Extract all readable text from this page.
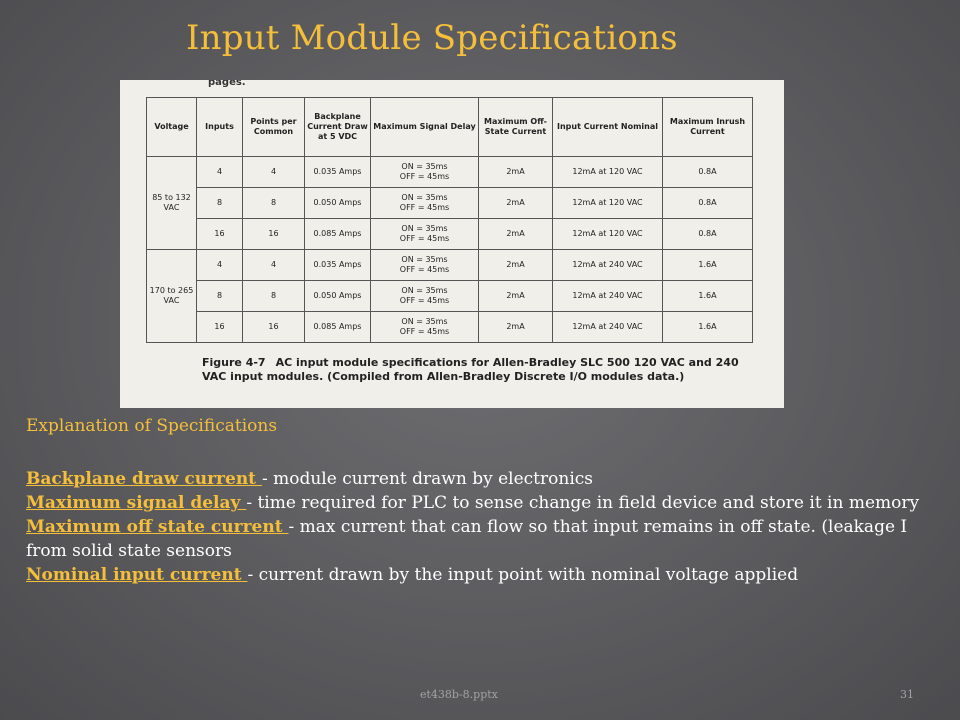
Input Module Specifications
pages.
Voltage	Inputs	Points per Common	Backplane Current Draw at 5 VDC	Maximum Signal Delay	Maximum Off-State Current	Input Current Nominal	Maximum Inrush Current
85 to 132 VAC	4	4	0.035 Amps	ON = 35ms
OFF = 45ms	2mA	12mA at 120 VAC	0.8A
	8	8	0.050 Amps	ON = 35ms
OFF = 45ms	2mA	12mA at 120 VAC	0.8A
	16	16	0.085 Amps	ON = 35ms
OFF = 45ms	2mA	12mA at 120 VAC	0.8A
170 to 265 VAC	4	4	0.035 Amps	ON = 35ms
OFF = 45ms	2mA	12mA at 240 VAC	1.6A
	8	8	0.050 Amps	ON = 35ms
OFF = 45ms	2mA	12mA at 240 VAC	1.6A
	16	16	0.085 Amps	ON = 35ms
OFF = 45ms	2mA	12mA at 240 VAC	1.6A
Figure 4-7 AC input module specifications for Allen-Bradley SLC 500 120 VAC and 240 VAC input modules. (Compiled from Allen-Bradley Discrete I/O modules data.)
Explanation of Specifications
Backplane draw current - module current drawn by electronics
Maximum signal delay - time required for PLC to sense change in field device and store it in memory
Maximum off state current - max current that can flow so that input remains in off state. (leakage I from solid state sensors
Nominal input current - current drawn by the input point with nominal voltage applied
et438b-8.pptx	31
